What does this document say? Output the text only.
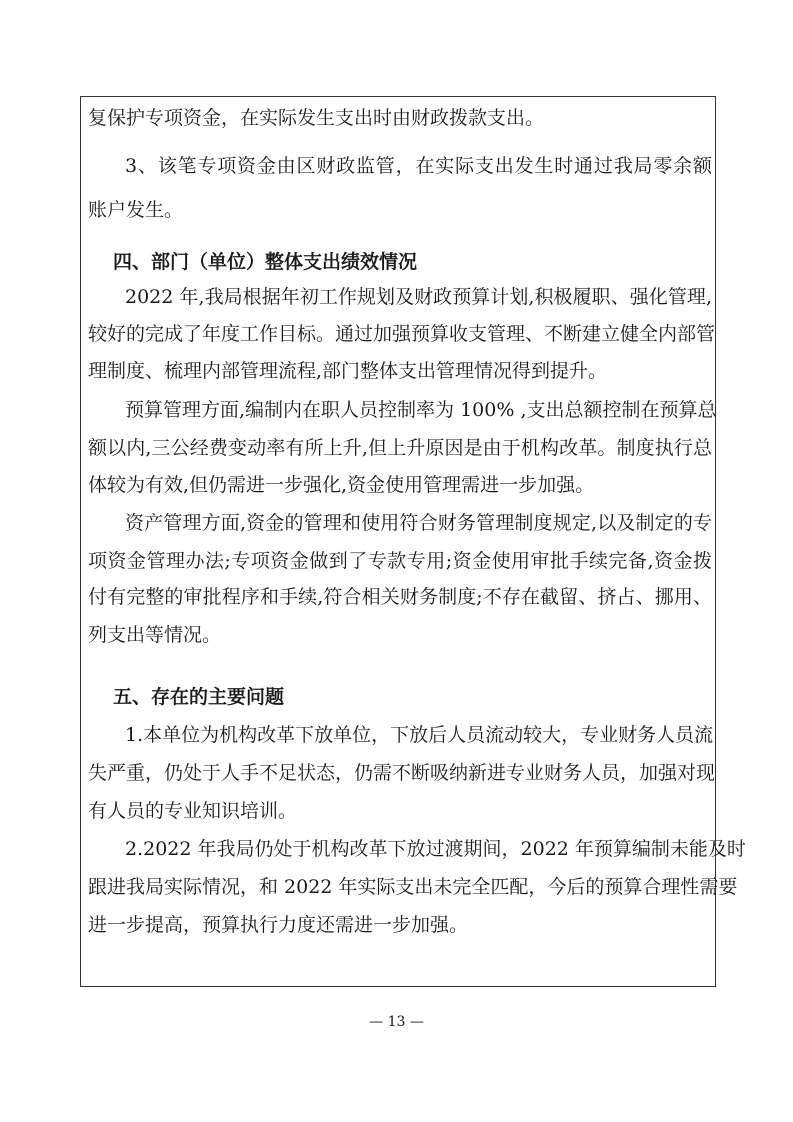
复保护专项资金，在实际发生支出时由财政拨款支出。
3、该笔专项资金由区财政监管，在实际支出发生时通过我局零余额
账户发生。
四、部门（单位）整体支出绩效情况
2022 年,我局根据年初工作规划及财政预算计划,积极履职、强化管理,
较好的完成了年度工作目标。通过加强预算收支管理、不断建立健全内部管
理制度、梳理内部管理流程,部门整体支出管理情况得到提升。
预算管理方面,编制内在职人员控制率为 100% ,支出总额控制在预算总
额以内,三公经费变动率有所上升,但上升原因是由于机构改革。制度执行总
体较为有效,但仍需进一步强化,资金使用管理需进一步加强。
资产管理方面,资金的管理和使用符合财务管理制度规定,以及制定的专
项资金管理办法;专项资金做到了专款专用;资金使用审批手续完备,资金拨
付有完整的审批程序和手续,符合相关财务制度;不存在截留、挤占、挪用、
列支出等情况。
五、存在的主要问题
1.本单位为机构改革下放单位，下放后人员流动较大，专业财务人员流
失严重，仍处于人手不足状态，仍需不断吸纳新进专业财务人员，加强对现
有人员的专业知识培训。
2.2022 年我局仍处于机构改革下放过渡期间，2022 年预算编制未能及时
跟进我局实际情况，和 2022 年实际支出未完全匹配，今后的预算合理性需要
进一步提高，预算执行力度还需进一步加强。
— 13 —
